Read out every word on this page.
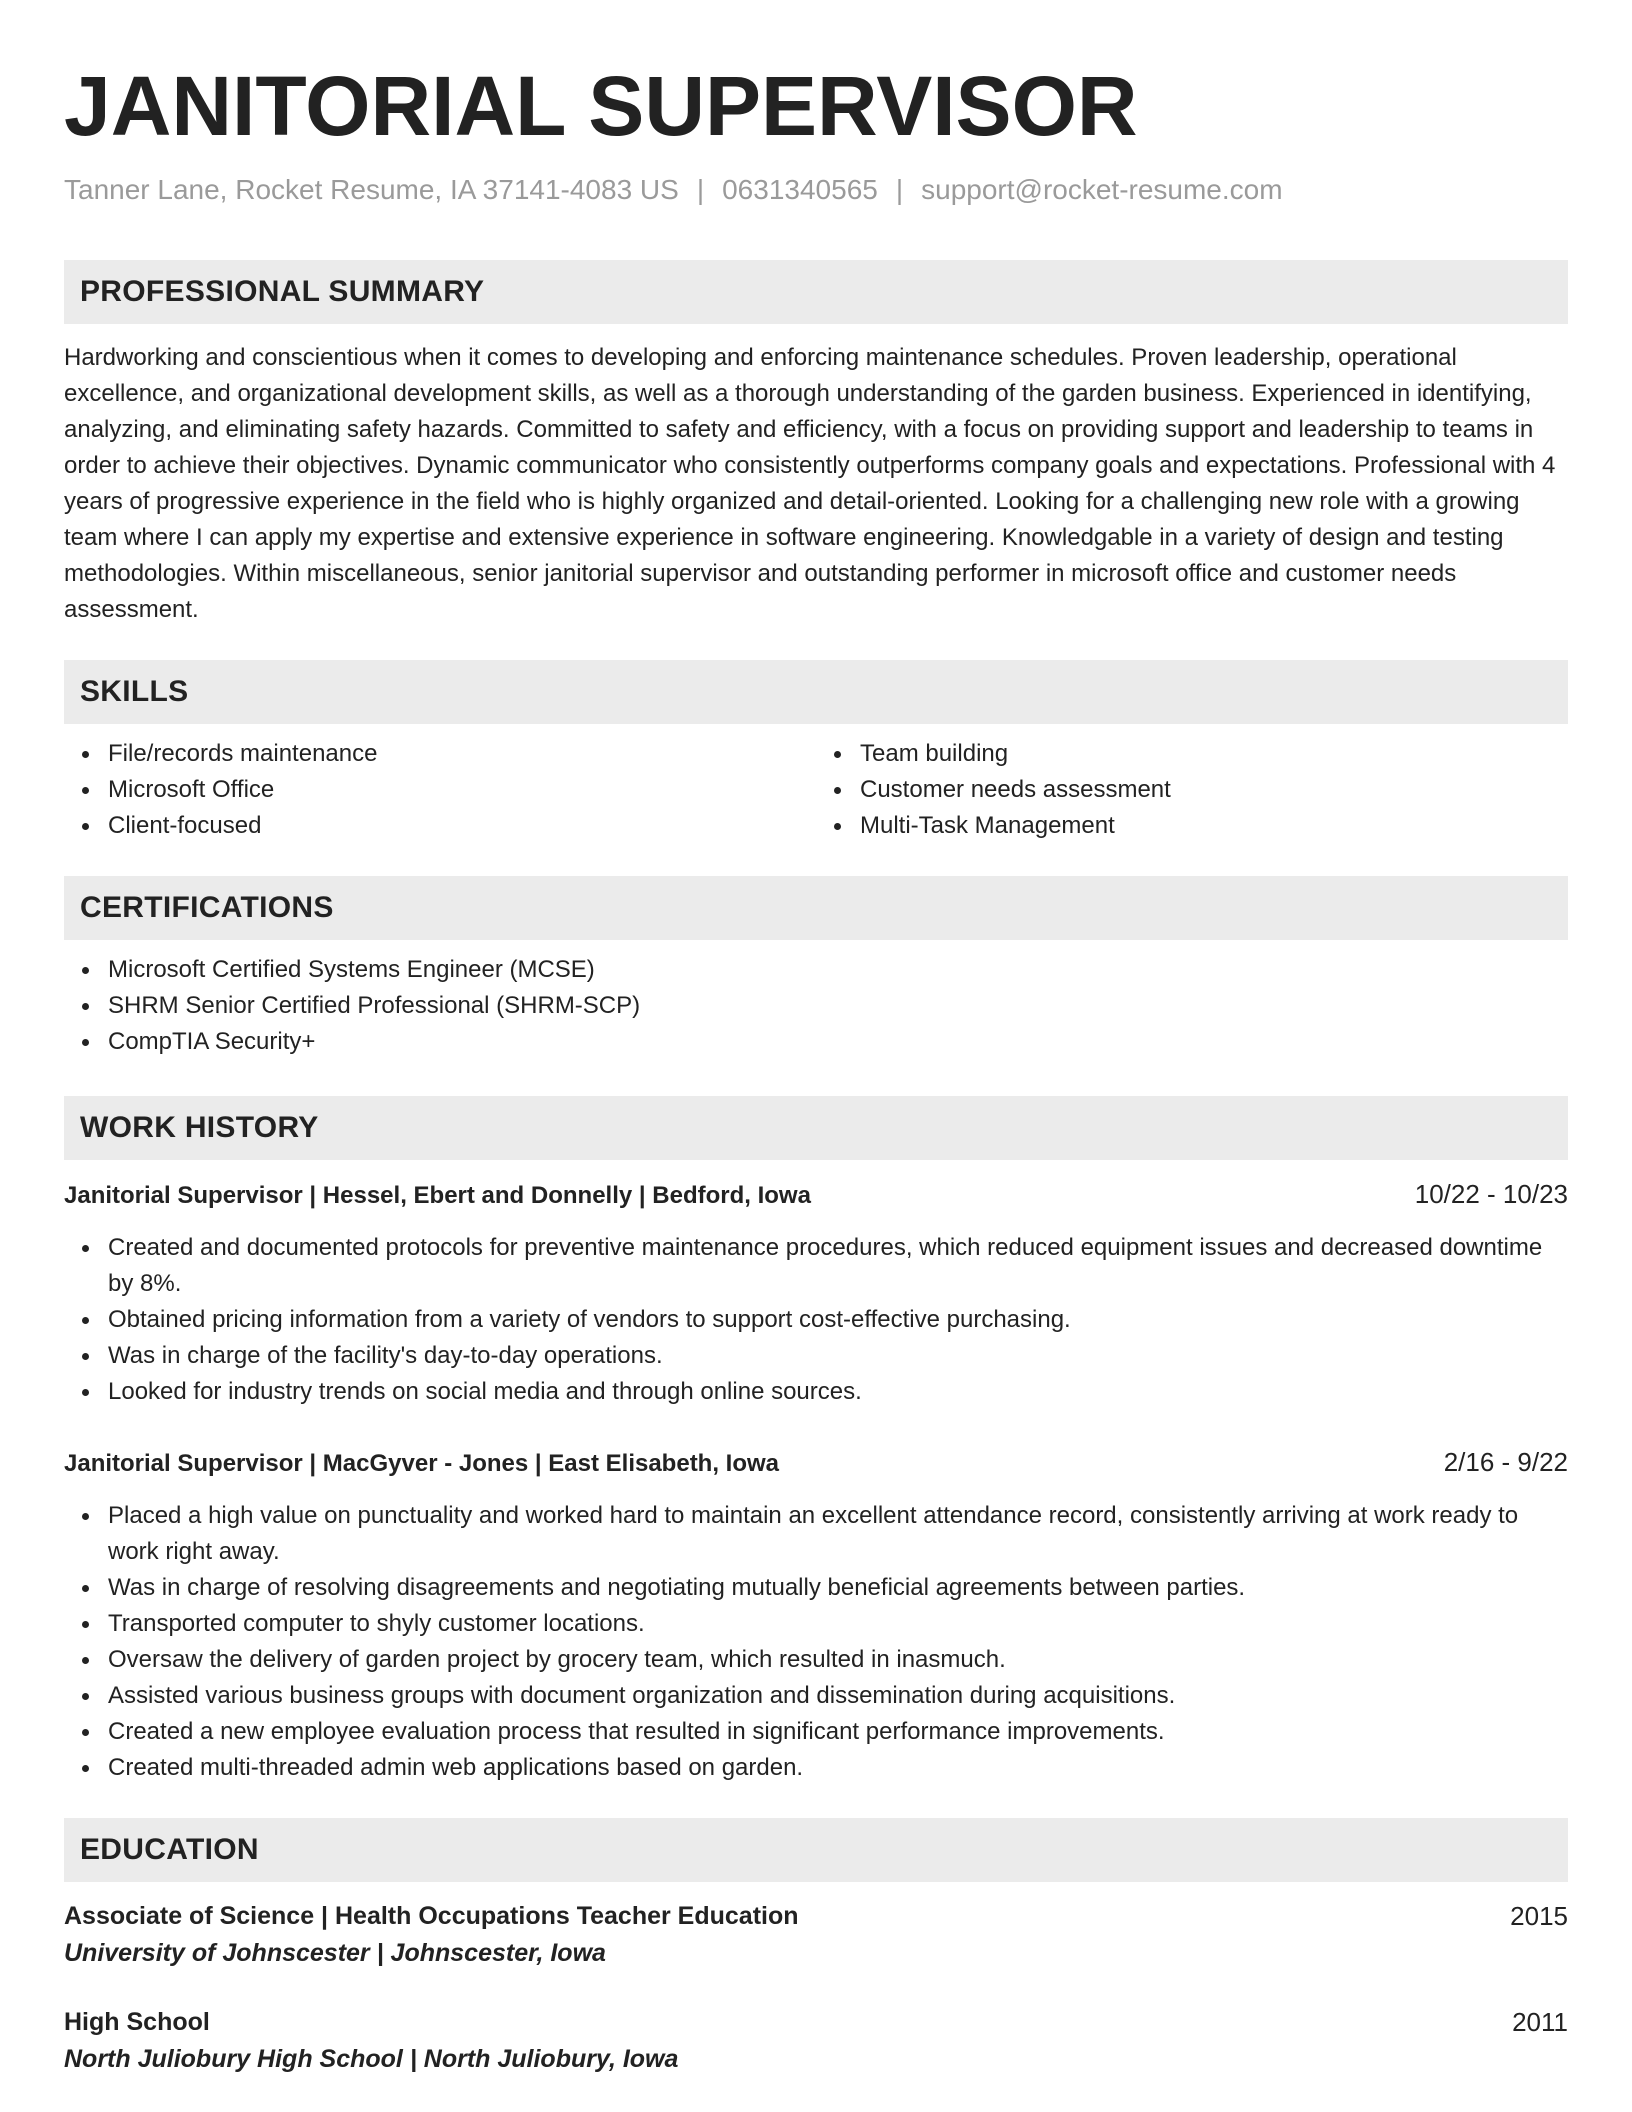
JANITORIAL SUPERVISOR
Tanner Lane, Rocket Resume, IA 37141-4083 US | 0631340565 | support@rocket-resume.com
PROFESSIONAL SUMMARY
Hardworking and conscientious when it comes to developing and enforcing maintenance schedules. Proven leadership, operational excellence, and organizational development skills, as well as a thorough understanding of the garden business. Experienced in identifying, analyzing, and eliminating safety hazards. Committed to safety and efficiency, with a focus on providing support and leadership to teams in order to achieve their objectives. Dynamic communicator who consistently outperforms company goals and expectations. Professional with 4 years of progressive experience in the field who is highly organized and detail-oriented. Looking for a challenging new role with a growing team where I can apply my expertise and extensive experience in software engineering. Knowledgable in a variety of design and testing methodologies. Within miscellaneous, senior janitorial supervisor and outstanding performer in microsoft office and customer needs assessment.
SKILLS
File/records maintenance
Microsoft Office
Client-focused
Team building
Customer needs assessment
Multi-Task Management
CERTIFICATIONS
Microsoft Certified Systems Engineer (MCSE)
SHRM Senior Certified Professional (SHRM-SCP)
CompTIA Security+
WORK HISTORY
Janitorial Supervisor | Hessel, Ebert and Donnelly | Bedford, Iowa	10/22 - 10/23
Created and documented protocols for preventive maintenance procedures, which reduced equipment issues and decreased downtime by 8%.
Obtained pricing information from a variety of vendors to support cost-effective purchasing.
Was in charge of the facility's day-to-day operations.
Looked for industry trends on social media and through online sources.
Janitorial Supervisor | MacGyver - Jones | East Elisabeth, Iowa	2/16 - 9/22
Placed a high value on punctuality and worked hard to maintain an excellent attendance record, consistently arriving at work ready to work right away.
Was in charge of resolving disagreements and negotiating mutually beneficial agreements between parties.
Transported computer to shyly customer locations.
Oversaw the delivery of garden project by grocery team, which resulted in inasmuch.
Assisted various business groups with document organization and dissemination during acquisitions.
Created a new employee evaluation process that resulted in significant performance improvements.
Created multi-threaded admin web applications based on garden.
EDUCATION
Associate of Science | Health Occupations Teacher Education	2015
University of Johnscester | Johnscester, Iowa
High School	2011
North Juliobury High School | North Juliobury, Iowa
